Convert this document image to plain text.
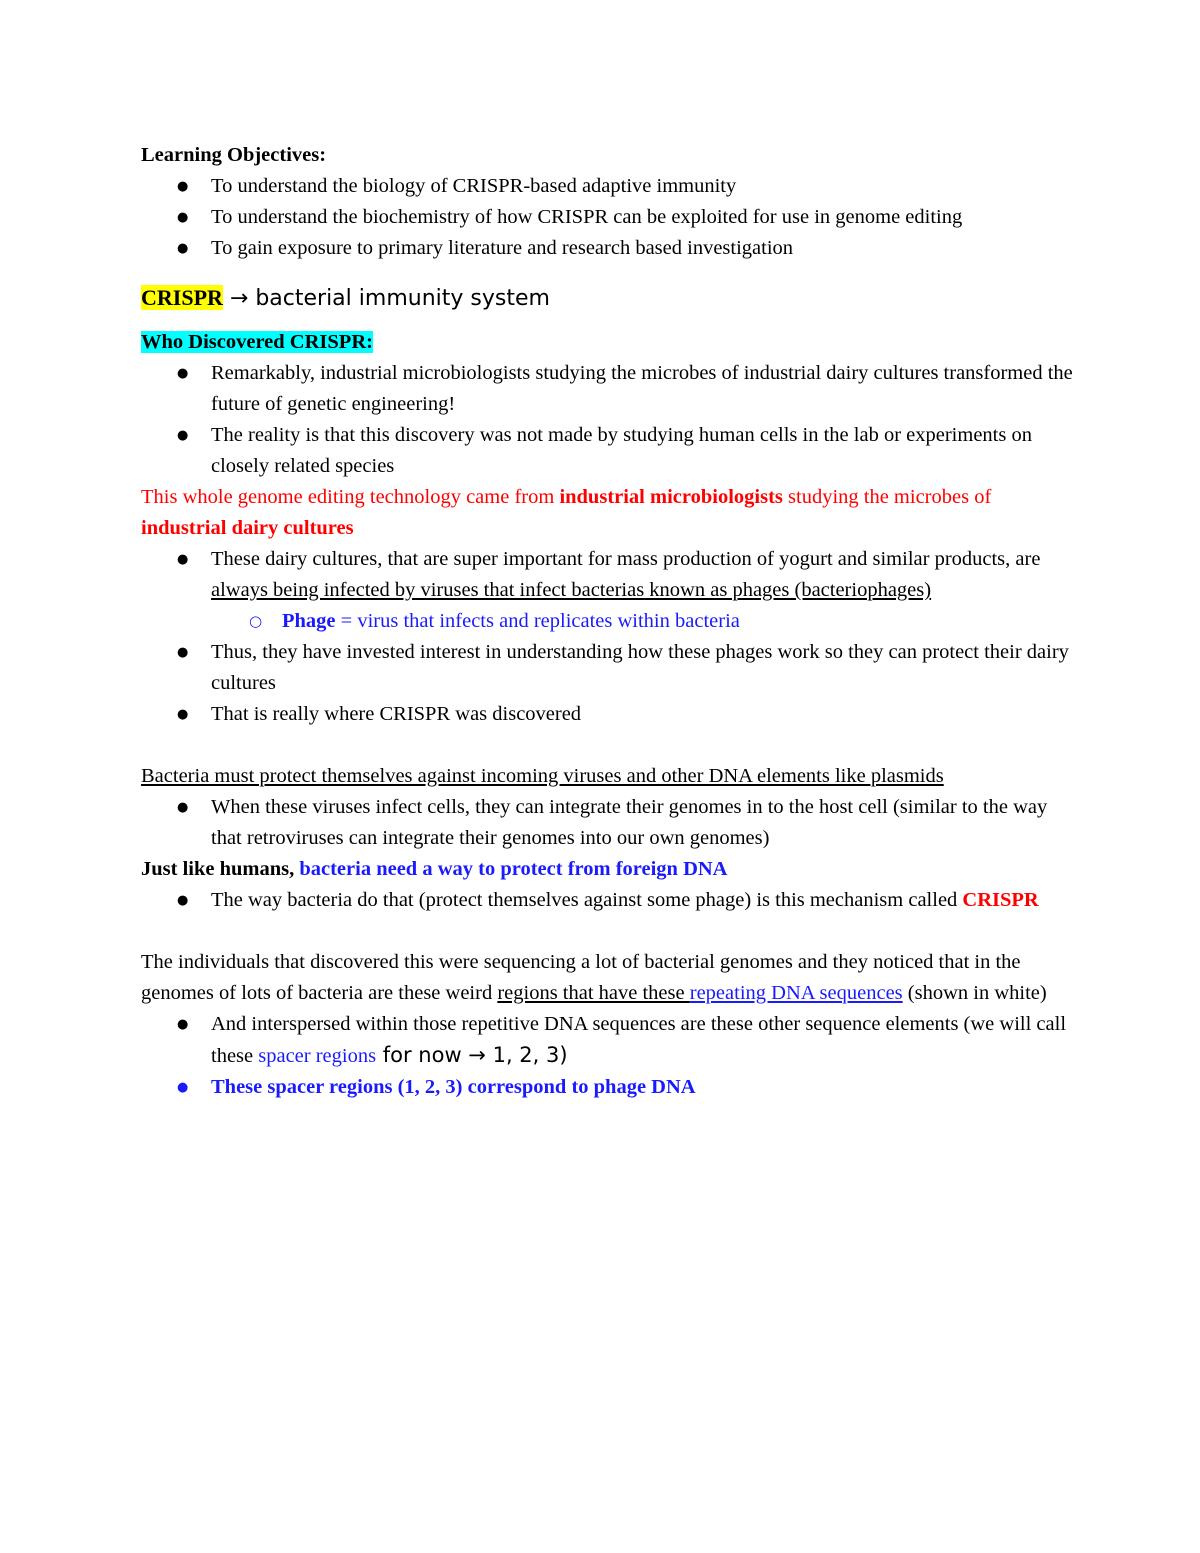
Learning Objectives:

● To understand the biology of CRISPR-based adaptive immunity
● To understand the biochemistry of how CRISPR can be exploited for use in genome editing
● To gain exposure to primary literature and research based investigation

CRISPR → bacterial immunity system

Who Discovered CRISPR:

● Remarkably, industrial microbiologists studying the microbes of industrial dairy cultures transformed the future of genetic engineering!
● The reality is that this discovery was not made by studying human cells in the lab or experiments on closely related species

This whole genome editing technology came from industrial microbiologists studying the microbes of industrial dairy cultures

● These dairy cultures, that are super important for mass production of yogurt and similar products, are always being infected by viruses that infect bacterias known as phages (bacteriophages)
○ Phage = virus that infects and replicates within bacteria
● Thus, they have invested interest in understanding how these phages work so they can protect their dairy cultures
● That is really where CRISPR was discovered

Bacteria must protect themselves against incoming viruses and other DNA elements like plasmids

● When these viruses infect cells, they can integrate their genomes in to the host cell (similar to the way that retroviruses can integrate their genomes into our own genomes)

Just like humans, bacteria need a way to protect from foreign DNA

● The way bacteria do that (protect themselves against some phage) is this mechanism called CRISPR

The individuals that discovered this were sequencing a lot of bacterial genomes and they noticed that in the genomes of lots of bacteria are these weird regions that have these repeating DNA sequences (shown in white)

● And interspersed within those repetitive DNA sequences are these other sequence elements (we will call these spacer regions for now → 1, 2, 3)
● These spacer regions (1, 2, 3) correspond to phage DNA
